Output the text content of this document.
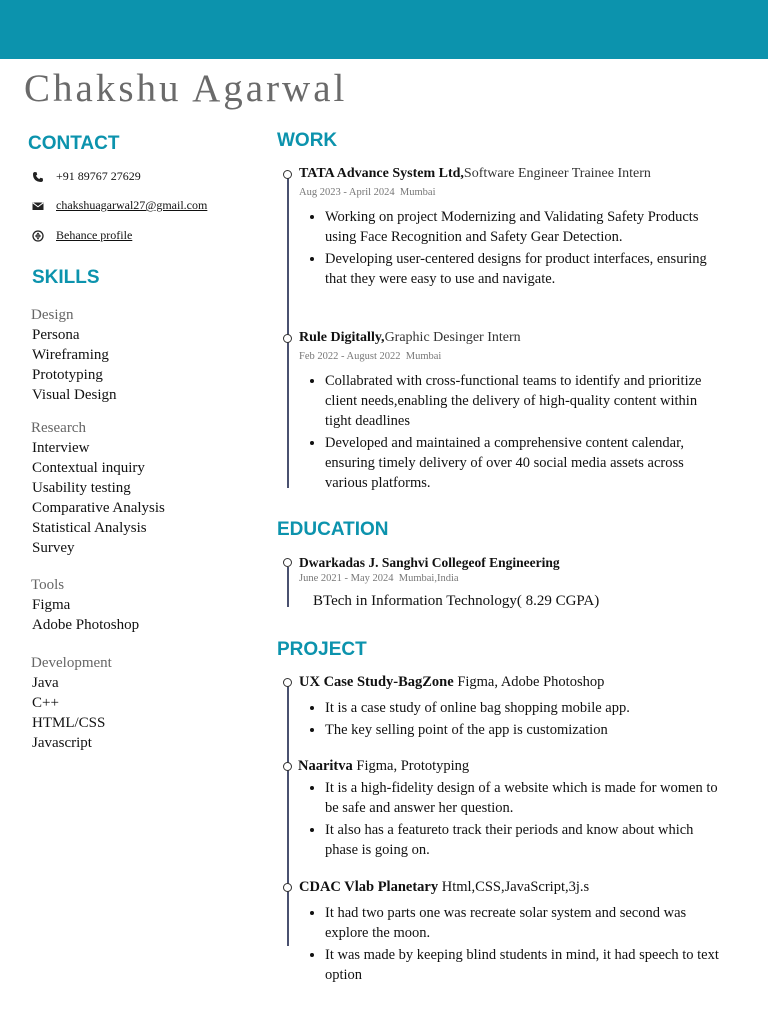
Chakshu Agarwal
CONTACT
+91 89767 27629
chakshuagarwal27@gmail.com
Behance profile
SKILLS
Design
Persona
Wireframing
Prototyping
Visual Design
Research
Interview
Contextual inquiry
Usability testing
Comparative Analysis
Statistical Analysis
Survey
Tools
Figma
Adobe Photoshop
Development
Java
C++
HTML/CSS
Javascript
WORK
TATA Advance System Ltd,Software Engineer Trainee Intern
Aug 2023 - April 2024 Mumbai
• Working on project Modernizing and Validating Safety Products using Face Recognition and Safety Gear Detection.
• Developing user-centered designs for product interfaces, ensuring that they were easy to use and navigate.
Rule Digitally,Graphic Desinger Intern
Feb 2022 - August 2022 Mumbai
• Collabrated with cross-functional teams to identify and prioritize client needs,enabling the delivery of high-quality content within tight deadlines
• Developed and maintained a comprehensive content calendar, ensuring timely delivery of over 40 social media assets across various platforms.
EDUCATION
Dwarkadas J. Sanghvi Collegeof Engineering
June 2021 - May 2024 Mumbai,India
BTech in Information Technology( 8.29 CGPA)
PROJECT
UX Case Study-BagZone Figma, Adobe Photoshop
• It is a case study of online bag shopping mobile app.
• The key selling point of the app is customization
Naaritva Figma, Prototyping
• It is a high-fidelity design of a website which is made for women to be safe and answer her question.
• It also has a featureto track their periods and know about which phase is going on.
CDAC Vlab Planetary Html,CSS,JavaScript,3j.s
• It had two parts one was recreate solar system and second was explore the moon.
• It was made by keeping blind students in mind, it had speech to text option
